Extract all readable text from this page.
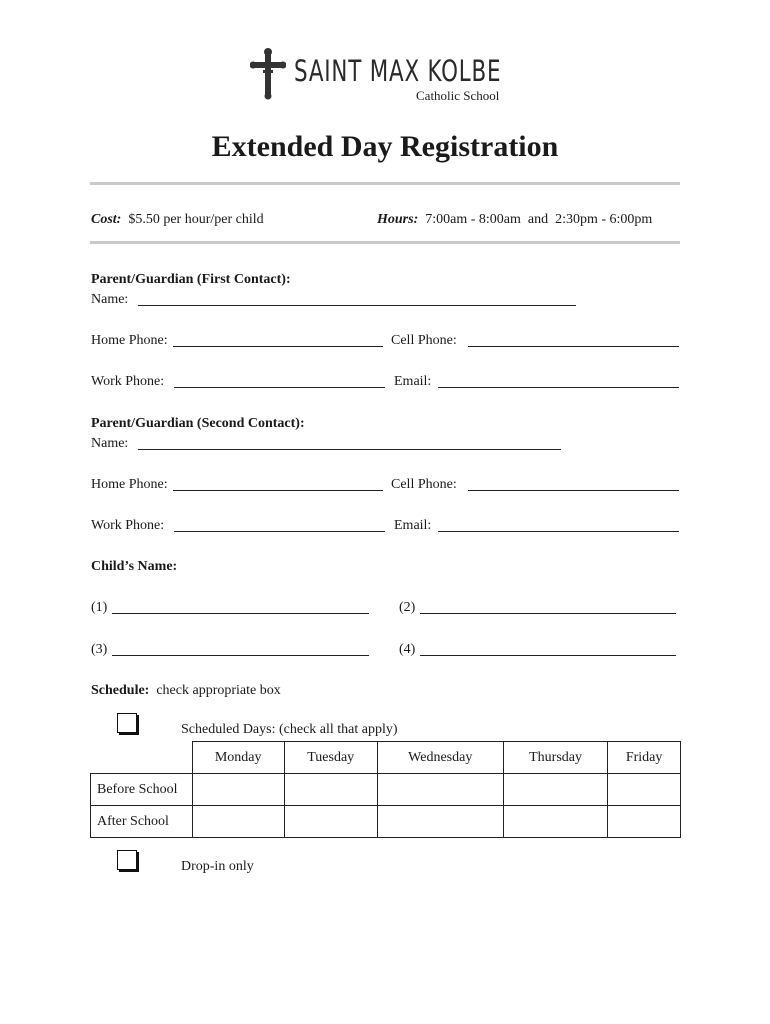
SAINT MAX KOLBE
Catholic School
Extended Day Registration
Cost: $5.50 per hour/per child	Hours: 7:00am - 8:00am  and  2:30pm - 6:00pm
Parent/Guardian (First Contact):
Name:
Home Phone:	Cell Phone:
Work Phone:	Email:
Parent/Guardian (Second Contact):
Name:
Home Phone:	Cell Phone:
Work Phone:	Email:
Child’s Name:
(1)	(2)
(3)	(4)
Schedule: check appropriate box
Scheduled Days: (check all that apply)
	Monday	Tuesday	Wednesday	Thursday	Friday
Before School					
After School					
Drop-in only
